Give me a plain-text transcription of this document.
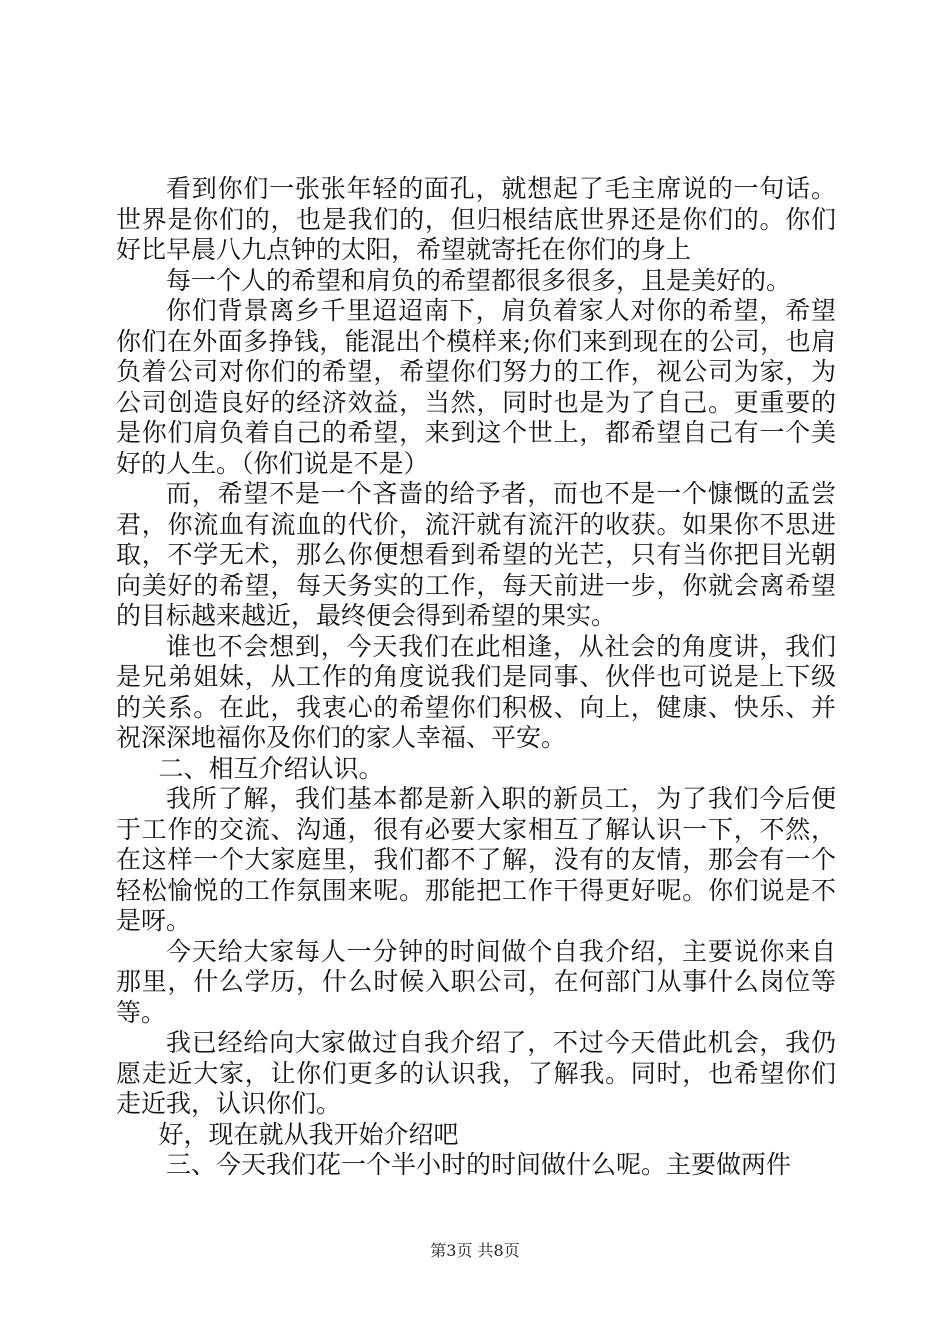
看到你们一张张年轻的面孔，就想起了毛主席说的一句话。世界是你们的，也是我们的，但归根结底世界还是你们的。你们好比早晨八九点钟的太阳，希望就寄托在你们的身上

每一个人的希望和肩负的希望都很多很多，且是美好的。

你们背景离乡千里迢迢南下，肩负着家人对你的希望，希望你们在外面多挣钱，能混出个模样来;你们来到现在的公司，也肩负着公司对你们的希望，希望你们努力的工作，视公司为家，为公司创造良好的经济效益，当然，同时也是为了自己。更重要的是你们肩负着自己的希望，来到这个世上，都希望自己有一个美好的人生。（你们说是不是）

而，希望不是一个吝啬的给予者，而也不是一个慷慨的孟尝君，你流血有流血的代价，流汗就有流汗的收获。如果你不思进取，不学无术，那么你便想看到希望的光芒，只有当你把目光朝向美好的希望，每天务实的工作，每天前进一步，你就会离希望的目标越来越近，最终便会得到希望的果实。

谁也不会想到，今天我们在此相逢，从社会的角度讲，我们是兄弟姐妹，从工作的角度说我们是同事、伙伴也可说是上下级的关系。在此，我衷心的希望你们积极、向上，健康、快乐、并祝深深地福你及你们的家人幸福、平安。

二、相互介绍认识。

我所了解，我们基本都是新入职的新员工，为了我们今后便于工作的交流、沟通，很有必要大家相互了解认识一下，不然，在这样一个大家庭里，我们都不了解，没有的友情，那会有一个轻松愉悦的工作氛围来呢。那能把工作干得更好呢。你们说是不是呀。

今天给大家每人一分钟的时间做个自我介绍，主要说你来自那里，什么学历，什么时候入职公司，在何部门从事什么岗位等等。

我已经给向大家做过自我介绍了，不过今天借此机会，我仍愿走近大家，让你们更多的认识我，了解我。同时，也希望你们走近我，认识你们。

好，现在就从我开始介绍吧

三、今天我们花一个半小时的时间做什么呢。主要做两件

第3页 共8页
